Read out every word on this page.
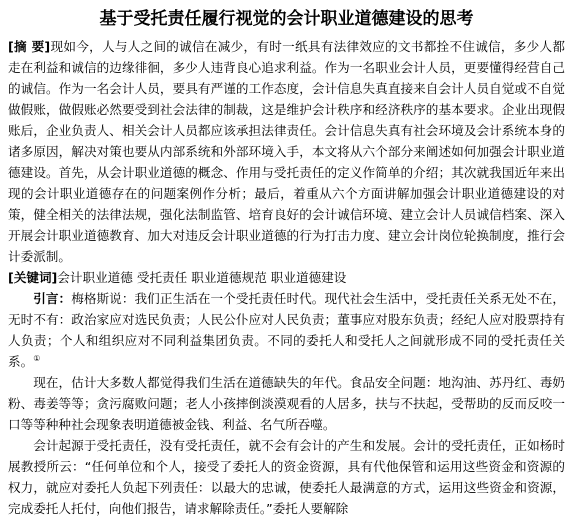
基于受托责任履行视觉的会计职业道德建设的思考

[摘 要]现如今，人与人之间的诚信在减少，有时一纸具有法律效应的文书都拴不住诚信，多少人都走在利益和诚信的边缘徘徊，多少人违背良心追求利益。作为一名职业会计人员，更要懂得经营自己的诚信。作为一名会计人员，要具有严谨的工作态度，会计信息失真直接来自会计人员自觉或不自觉做假账，做假账必然要受到社会法律的制裁，这是维护会计秩序和经济秩序的基本要求。企业出现假账后，企业负责人、相关会计人员都应该承担法律责任。会计信息失真有社会环境及会计系统本身的诸多原因，解决对策也要从内部系统和外部环境入手，本文将从六个部分来阐述如何加强会计职业道德建设。首先，从会计职业道德的概念、作用与受托责任的定义作简单的介绍；其次就我国近年来出现的会计职业道德存在的问题案例作分析；最后，着重从六个方面讲解加强会计职业道德建设的对策，健全相关的法律法规，强化法制监管、培育良好的会计诚信环境、建立会计人员诚信档案、深入开展会计职业道德教育、加大对违反会计职业道德的行为打击力度、建立会计岗位轮换制度，推行会计委派制。

[关键词]会计职业道德 受托责任 职业道德规范 职业道德建设

引言：梅格斯说：我们正生活在一个受托责任时代。现代社会生活中，受托责任关系无处不在，无时不有：政治家应对选民负责；人民公仆应对人民负责；董事应对股东负责；经纪人应对股票持有人负责；个人和组织应对不同利益集团负责。不同的委托人和受托人之间就形成不同的受托责任关系。①

现在，估计大多数人都觉得我们生活在道德缺失的年代。食品安全问题：地沟油、苏丹红、毒奶粉、毒姜等等；贪污腐败问题；老人小孩摔倒淡漠观看的人居多，扶与不扶起，受帮助的反而反咬一口等等种种社会现象表明道德被金钱、利益、名气所吞噬。

会计起源于受托责任，没有受托责任，就不会有会计的产生和发展。会计的受托责任，正如杨时展教授所云：“任何单位和个人，接受了委托人的资金资源，具有代他保管和运用这些资金和资源的权力，就应对委托人负起下列责任：以最大的忠诚，使委托人最满意的方式，运用这些资金和资源，完成委托人托付，向他们报告，请求解除责任。”委托人要解除
